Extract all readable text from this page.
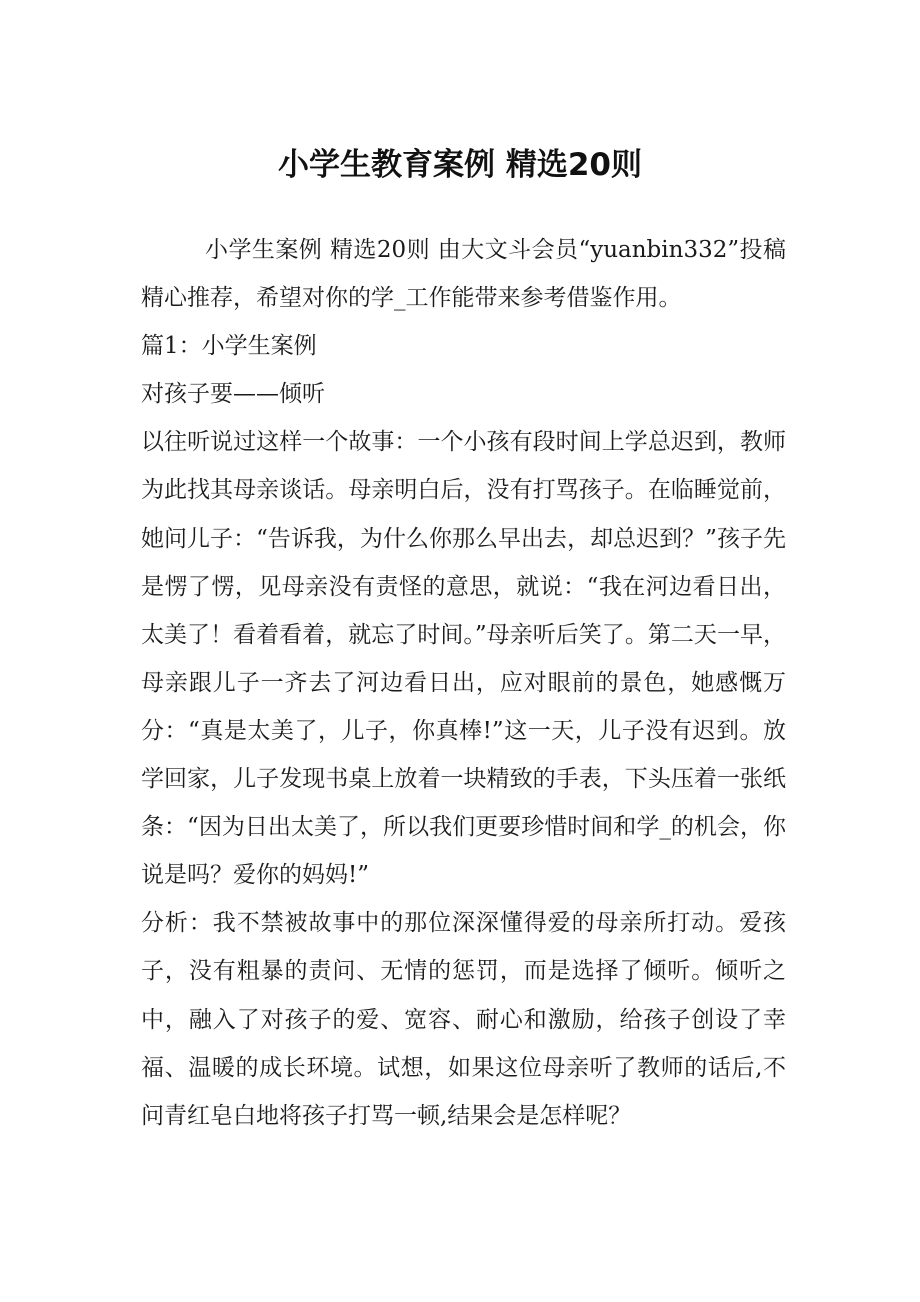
小学生教育案例 精选20则

小学生案例 精选20则 由大文斗会员“yuanbin332”投稿精心推荐，希望对你的学_工作能带来参考借鉴作用。

篇1：小学生案例

对孩子要——倾听

以往听说过这样一个故事：一个小孩有段时间上学总迟到，教师为此找其母亲谈话。母亲明白后，没有打骂孩子。在临睡觉前，她问儿子：“告诉我，为什么你那么早出去，却总迟到？”孩子先是愣了愣，见母亲没有责怪的意思，就说：“我在河边看日出，太美了！看着看着，就忘了时间。”母亲听后笑了。第二天一早，母亲跟儿子一齐去了河边看日出，应对眼前的景色，她感慨万分：“真是太美了，儿子，你真棒!”这一天，儿子没有迟到。放学回家，儿子发现书桌上放着一块精致的手表，下头压着一张纸条：“因为日出太美了，所以我们更要珍惜时间和学_的机会，你说是吗？爱你的妈妈!”

分析：我不禁被故事中的那位深深懂得爱的母亲所打动。爱孩子，没有粗暴的责问、无情的惩罚，而是选择了倾听。倾听之中，融入了对孩子的爱、宽容、耐心和激励，给孩子创设了幸福、温暖的成长环境。试想，如果这位母亲听了教师的话后,不问青红皂白地将孩子打骂一顿,结果会是怎样呢？
